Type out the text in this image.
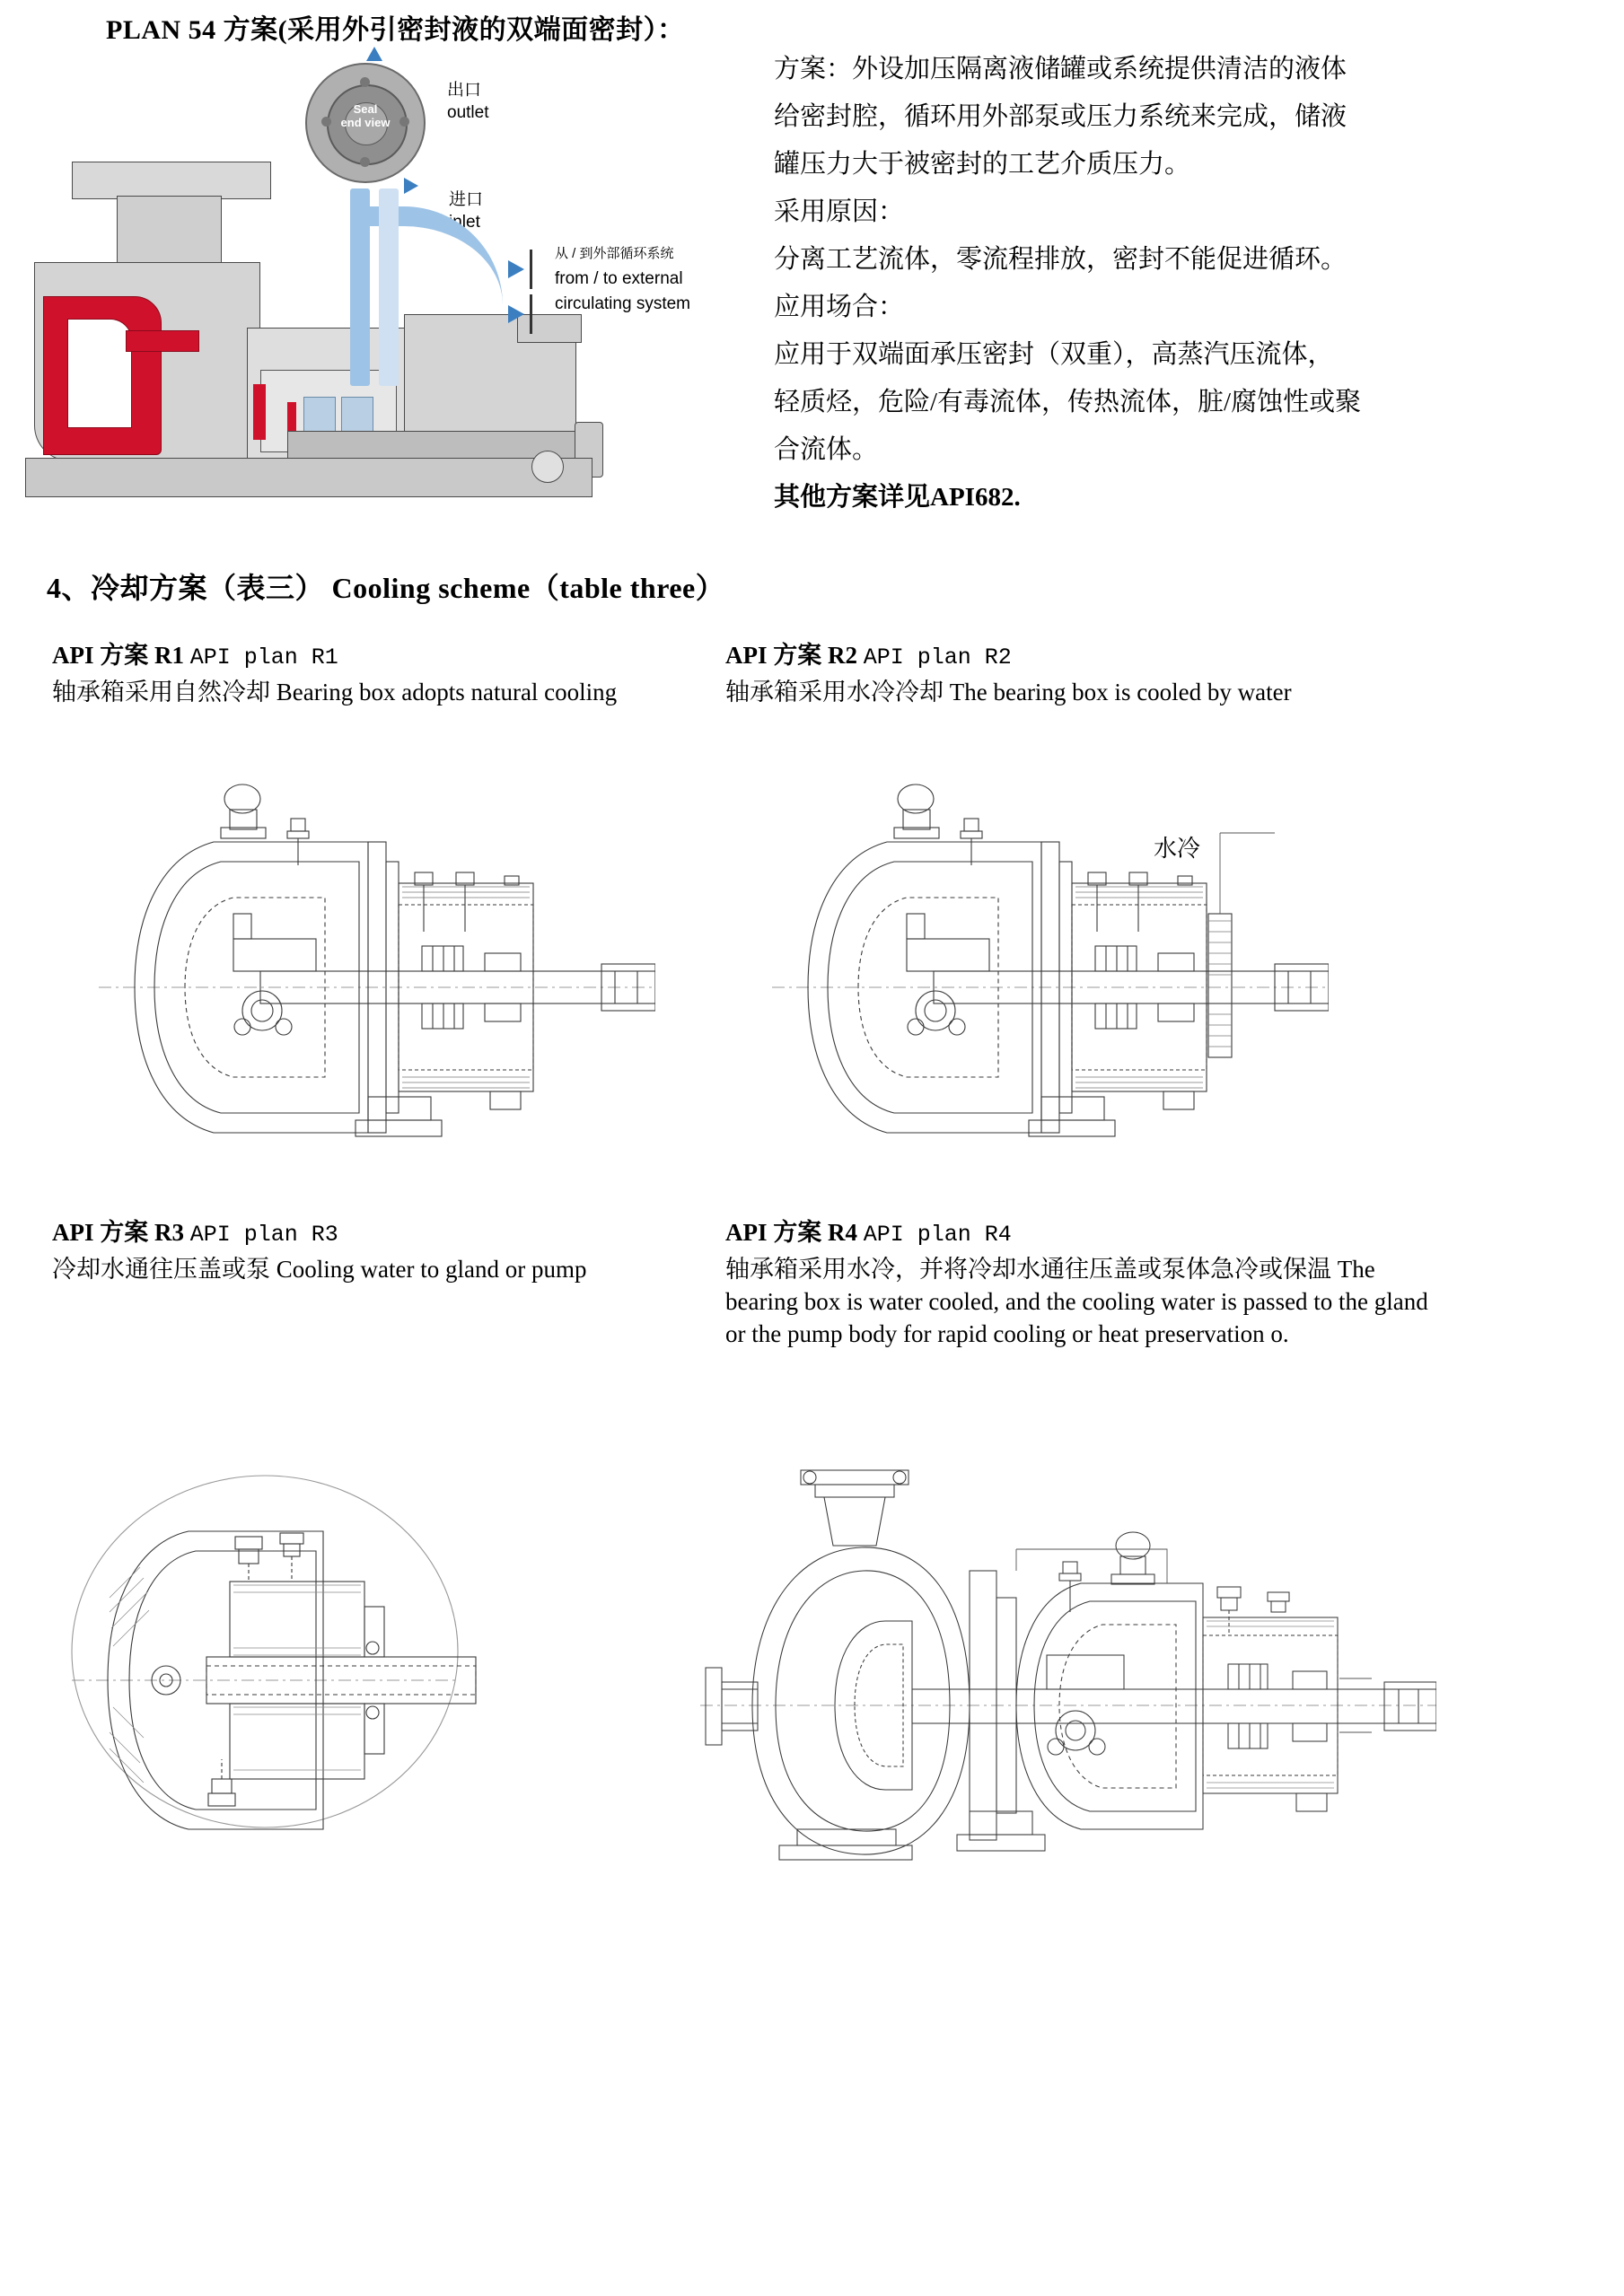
PLAN 54 方案(采用外引密封液的双端面密封）：
Seal
end view
出口
outlet
进口
inlet
从 / 到外部循环系统
from / to external
circulating system

方案：外设加压隔离液储罐或系统提供清洁的液体

给密封腔，循环用外部泵或压力系统来完成，储液

罐压力大于被密封的工艺介质压力。

采用原因：

分离工艺流体，零流程排放，密封不能促进循环。

应用场合：

应用于双端面承压密封（双重），高蒸汽压流体，

轻质烃，危险/有毒流体，传热流体，脏/腐蚀性或聚

合流体。

其他方案详见API682.

4、冷却方案（表三） Cooling scheme（table three）
API 方案 R1 API plan R1
轴承箱采用自然冷却 Bearing box adopts natural cooling
API 方案 R2 API plan R2
轴承箱采用水冷冷却 The bearing box is cooled by water
API 方案 R3 API plan R3
冷却水通往压盖或泵 Cooling water to gland or pump
API 方案 R4 API plan R4
轴承箱采用水冷，并将冷却水通往压盖或泵体急冷或保温 The bearing box is water cooled, and the cooling water is passed to the gland or the pump body for rapid cooling or heat preservation o.
水冷
